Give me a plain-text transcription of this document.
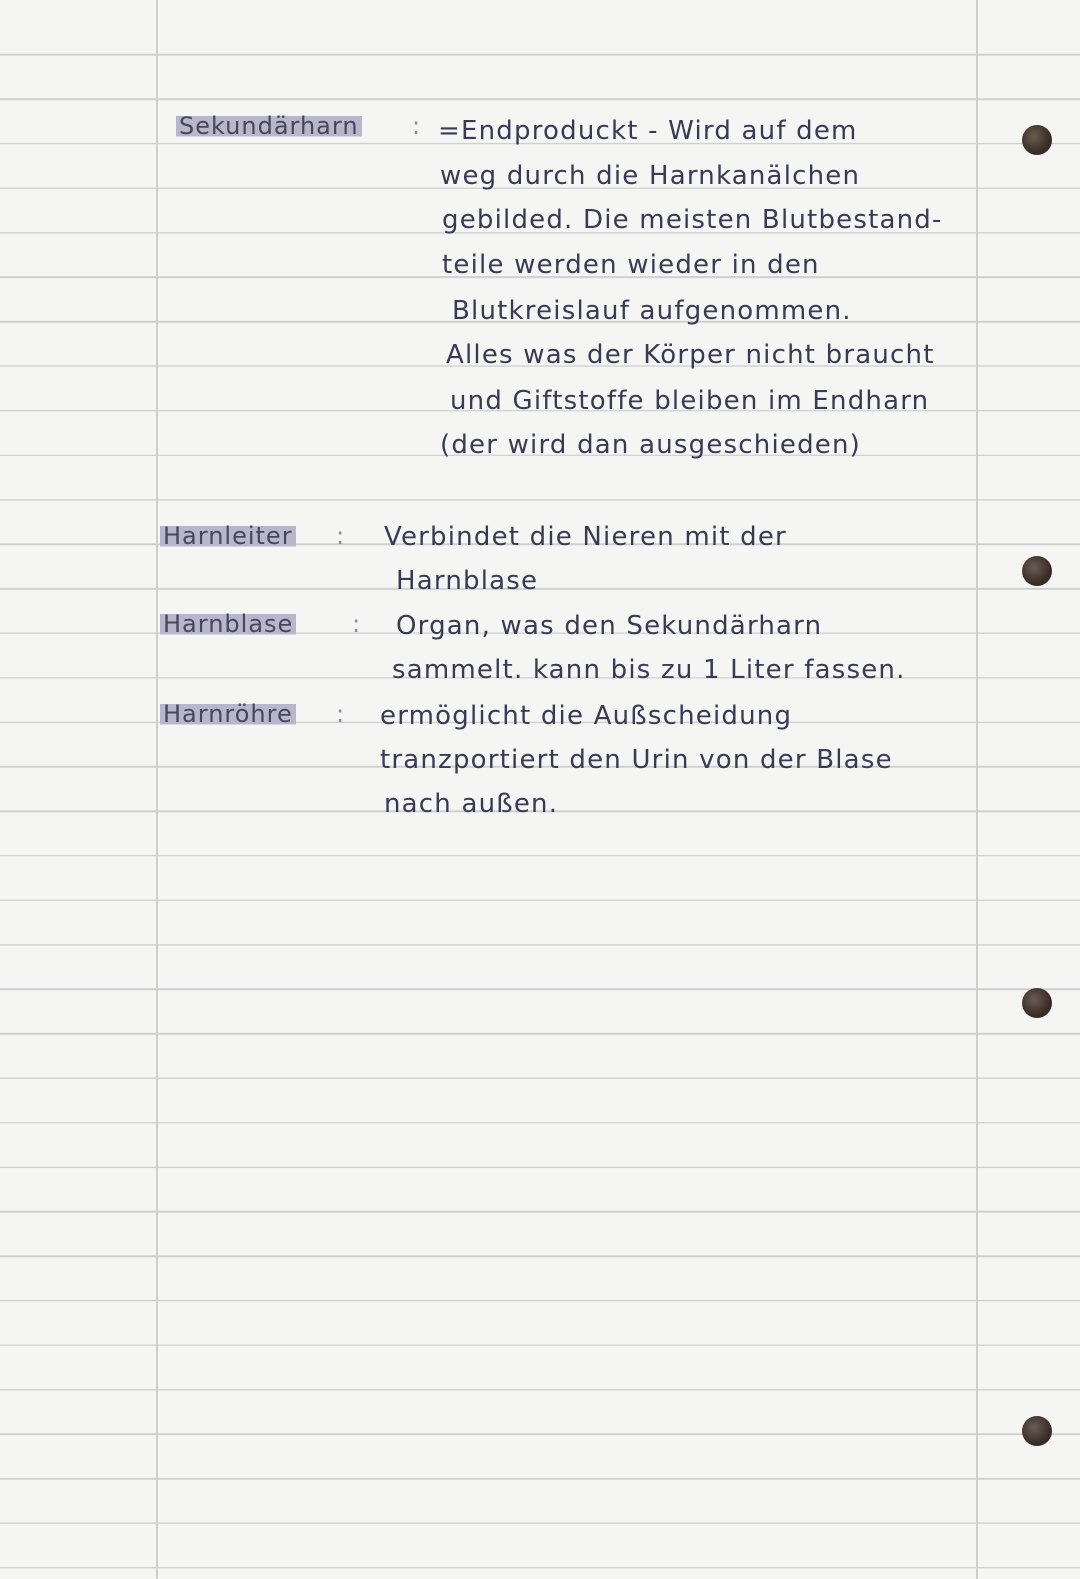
Sekundärharn : =Endproduckt - Wird auf dem
weg durch die Harnkanälchen
gebilded. Die meisten Blutbestand-
teile werden wieder in den
Blutkreislauf aufgenommen.
Alles was der Körper nicht braucht
und Giftstoffe bleiben im Endharn
(der wird dan ausgeschieden)
Harnleiter : Verbindet die Nieren mit der
Harnblase
Harnblase : Organ, was den Sekundärharn
sammelt. kann bis zu 1 Liter fassen.
Harnröhre : ermöglicht die Außscheidung
tranzportiert den Urin von der Blase
nach außen.
